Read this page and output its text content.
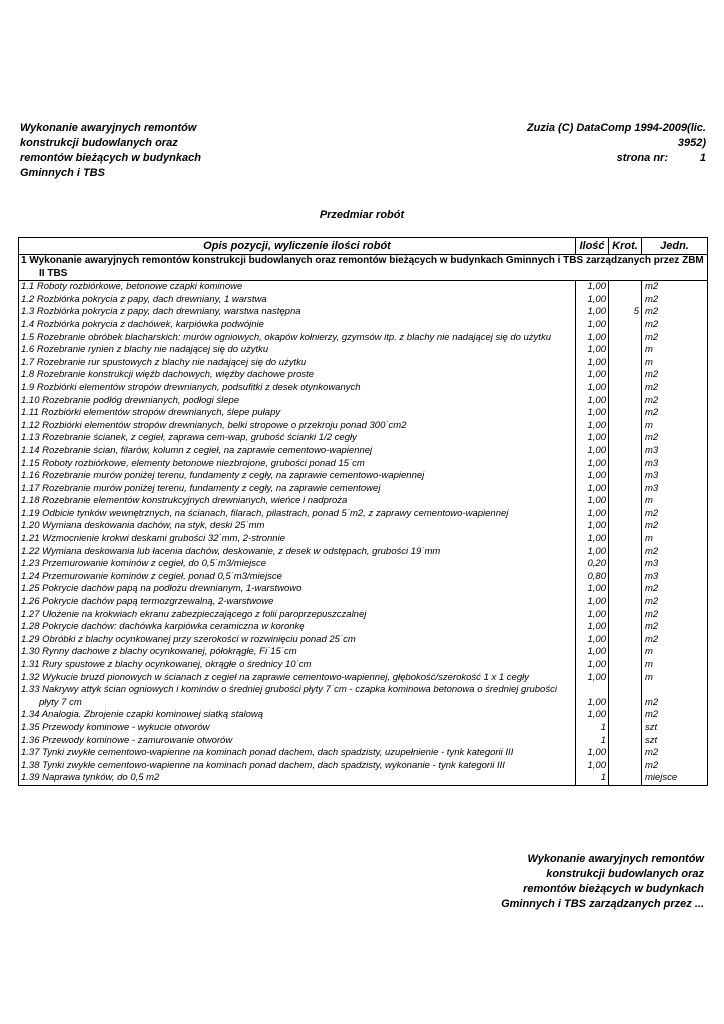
Wykonanie awaryjnych remontów
konstrukcji budowlanych oraz
remontów bieżących w budynkach
Gminnych i TBS
Zuzia (C) DataComp 1994-2009(lic.
3952)
strona nr:	1
Przedmiar robót
Opis pozycji, wyliczenie ilości robót	Ilość	Krot.	Jedn.
1 Wykonanie awaryjnych remontów konstrukcji budowlanych oraz remontów bieżących w budynkach Gminnych i TBS zarządzanych przez ZBM II TBS			
1.1 Roboty rozbiórkowe, betonowe czapki kominowe	1,00		m2
1.2 Rozbiórka pokrycia z papy, dach drewniany, 1 warstwa	1,00		m2
1.3 Rozbiórka pokrycia z papy, dach drewniany, warstwa następna	1,00	5	m2
1.4 Rozbiórka pokrycia z dachówek, karpiówka podwójnie	1,00		m2
1.5 Rozebranie obróbek blacharskich: murów ogniowych, okapów kołnierzy, gzymsów itp. z blachy nie nadającej się do użytku	1,00		m2
1.6 Rozebranie rynien z blachy nie nadającej się do użytku	1,00		m
1.7 Rozebranie rur spustowych z blachy nie nadającej się do użytku	1,00		m
1.8 Rozebranie konstrukcji więźb dachowych, więźby dachowe proste	1,00		m2
1.9 Rozbiórki elementów stropów drewnianych, podsufitki z desek otynkowanych	1,00		m2
1.10 Rozebranie podłóg drewnianych, podłogi ślepe	1,00		m2
1.11 Rozbiórki elementów stropów drewnianych, ślepe pułapy	1,00		m2
1.12 Rozbiórki elementów stropów drewnianych, belki stropowe o przekroju ponad 300˙cm2	1,00		m
1.13 Rozebranie ścianek, z cegieł, zaprawa cem-wap, grubość ścianki 1/2 cegły	1,00		m2
1.14 Rozebranie ścian, filarów, kolumn z cegieł, na zaprawie cementowo-wapiennej	1,00		m3
1.15 Roboty rozbiórkowe, elementy betonowe niezbrojone, grubości ponad 15˙cm	1,00		m3
1.16 Rozebranie murów poniżej terenu, fundamenty z cegły, na zaprawie cementowo-wapiennej	1,00		m3
1.17 Rozebranie murów poniżej terenu, fundamenty z cegły, na zaprawie cementowej	1,00		m3
1.18 Rozebranie elementów konstrukcyjnych drewnianych, wieńce i nadproża	1,00		m
1.19 Odbicie tynków wewnętrznych, na ścianach, filarach, pilastrach, ponad 5˙m2, z zaprawy cementowo-wapiennej	1,00		m2
1.20 Wymiana deskowania dachów, na styk, deski 25˙mm	1,00		m2
1.21 Wzmocnienie krokwi deskami grubości 32˙mm, 2-stronnie	1,00		m
1.22 Wymiana deskowania lub łacenia dachów, deskowanie, z desek w odstępach, grubości 19˙mm	1,00		m2
1.23 Przemurowanie kominów z cegieł, do 0,5˙m3/miejsce	0,20		m3
1.24 Przemurowanie kominów z cegieł, ponad 0,5˙m3/miejsce	0,80		m3
1.25 Pokrycie dachów papą na podłożu drewnianym, 1-warstwowo	1,00		m2
1.26 Pokrycie dachów papą termozgrzewalną, 2-warstwowe	1,00		m2
1.27 Ułożenie na krokwiach ekranu zabezpieczającego z folii paroprzepuszczalnej	1,00		m2
1.28 Pokrycie dachów: dachówka karpiówka ceramiczna w koronkę	1,00		m2
1.29 Obróbki z blachy ocynkowanej przy szerokości w rozwinięciu ponad 25˙cm	1,00		m2
1.30 Rynny dachowe z blachy ocynkowanej, półokrągłe, Fi˙15˙cm	1,00		m
1.31 Rury spustowe z blachy ocynkowanej, okrągłe o średnicy 10˙cm	1,00		m
1.32 Wykucie bruzd pionowych w ścianach z cegieł na zaprawie cementowo-wapiennej, głębokość/szerokość 1 x 1 cegły	1,00		m
1.33 Nakrywy attyk ścian ogniowych i kominów o średniej grubości płyty 7˙cm - czapka kominowa betonowa o średniej grubości płyty 7 cm	1,00		m2
1.34 Analogia. Zbrojenie czapki kominowej siatką stalową	1,00		m2
1.35 Przewody kominowe - wykucie otworów	1		szt
1.36 Przewody kominowe - zamurowanie otworów	1		szt
1.37 Tynki zwykłe cementowo-wapienne na kominach ponad dachem, dach spadzisty, uzupełnienie - tynk kategorii III	1,00		m2
1.38 Tynki zwykłe cementowo-wapienne na kominach ponad dachem, dach spadzisty, wykonanie - tynk kategorii III	1,00		m2
1.39 Naprawa tynków, do 0,5 m2	1		miejsce
Wykonanie awaryjnych remontów
konstrukcji budowlanych oraz
remontów bieżących w budynkach
Gminnych i TBS zarządzanych przez ...
